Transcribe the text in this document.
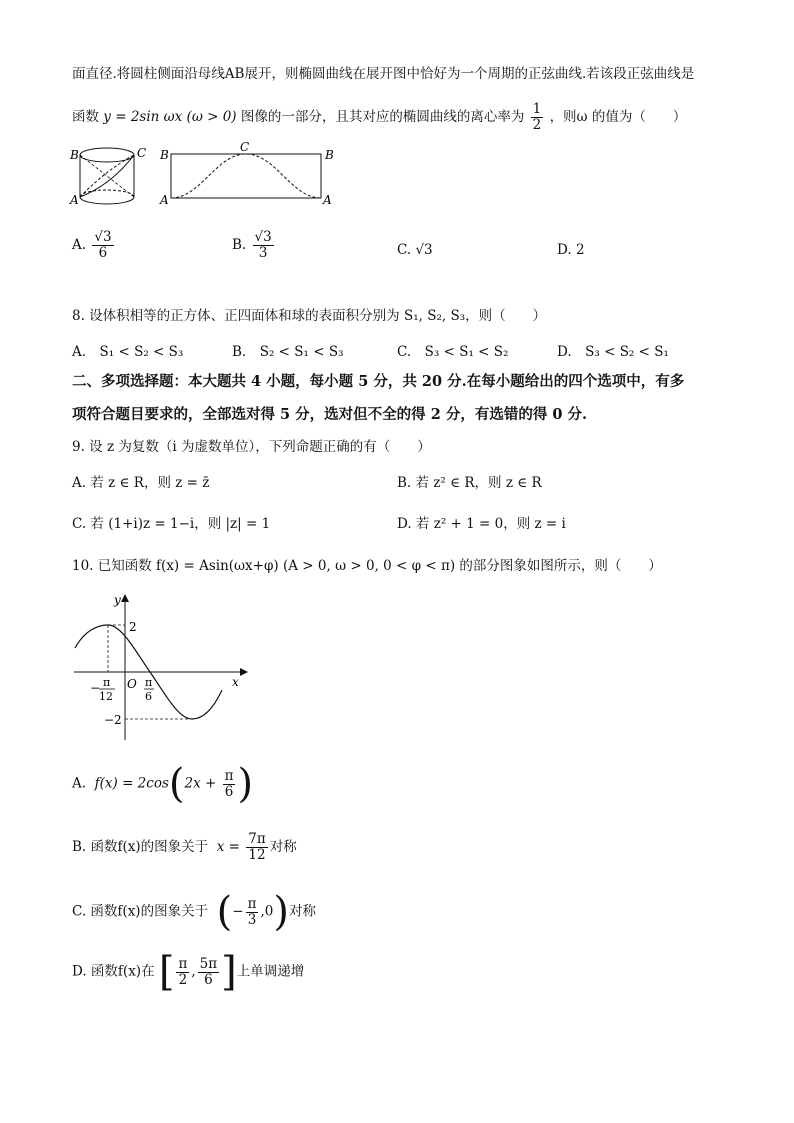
面直径.将圆柱侧面沿母线AB展开，则椭圆曲线在展开图中恰好为一个周期的正弦曲线.若该段正弦曲线是
函数 y = 2sin ωx (ω > 0) 图像的一部分，且其对应的椭圆曲线的离心率为 $\frac{1}{2}$ ，则ω 的值为（　　）
B	C
A
B
C
B
A	A
A. $\frac{√3}{6}$	B. $\frac{√3}{3}$	C. √3	D. 2
8. 设体积相等的正方体、正四面体和球的表面积分别为 S₁, S₂, S₃，则（　　）
A.　S₁ < S₂ < S₃	B.　S₂ < S₁ < S₃	C.　S₃ < S₁ < S₂	D.　S₃ < S₂ < S₁
二、多项选择题：本大题共 4 小题，每小题 5 分，共 20 分.在每小题给出的四个选项中，有多
项符合题目要求的，全部选对得 5 分，选对但不全的得 2 分，有选错的得 0 分.
9. 设 z 为复数（i 为虚数单位），下列命题正确的有（　　）
A. 若 z ∈ R，则 z = z̄	B. 若 z² ∈ R，则 z ∈ R
C. 若 (1+i)z = 1−i，则 |z| = 1	D. 若 z² + 1 = 0，则 z = i
10. 已知函数 f(x) = Asin(ωx+φ) (A > 0, ω > 0, 0 < φ < π) 的部分图象如图所示，则（　　）
y
x
O
2
−2
− π
12
π
6
A. $f(x) = 2\cos(2x + \frac{\pi}{6}$ )
B. 函数f(x)的图象关于 $x = \frac{7\pi}{12}$ 对称
C. 函数f(x)的图象关于 (− $\frac{\pi}{3} ,0$)对称
D. 函数f(x)在 [ $\frac{\pi}{2}$ , $\frac{5\pi}{6}$ ]上单调递增
